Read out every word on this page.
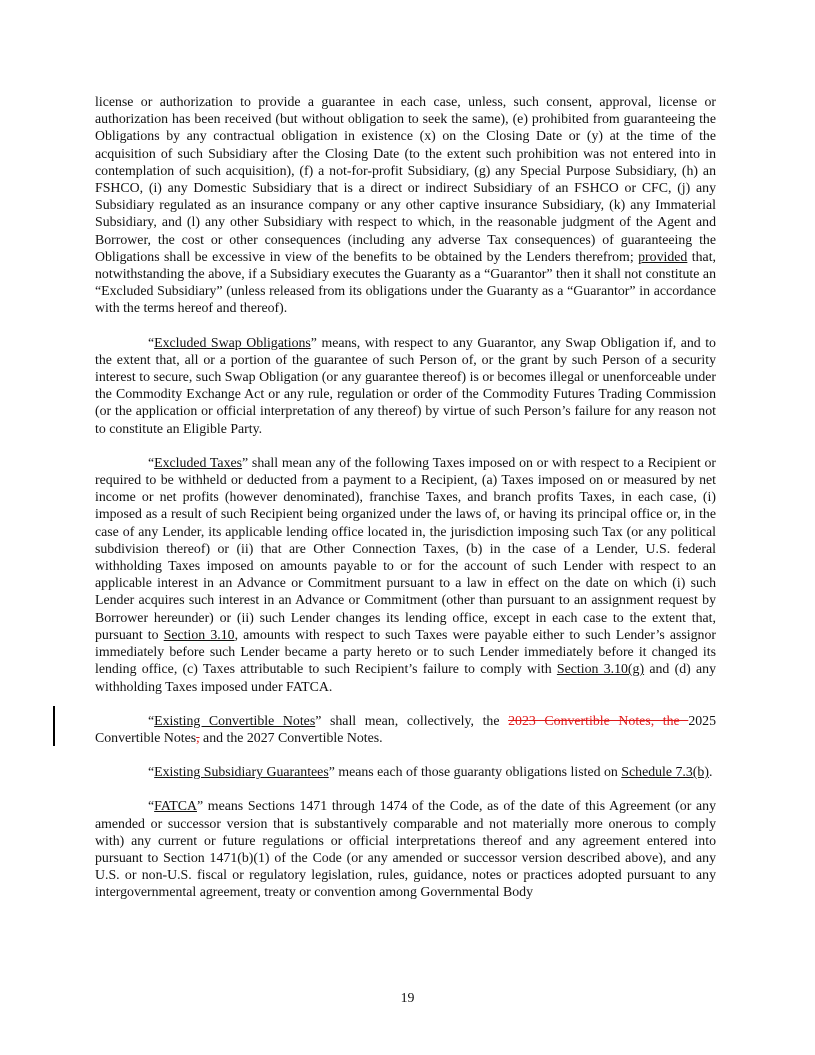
license or authorization to provide a guarantee in each case, unless, such consent, approval, license or authorization has been received (but without obligation to seek the same), (e) prohibited from guaranteeing the Obligations by any contractual obligation in existence (x) on the Closing Date or (y) at the time of the acquisition of such Subsidiary after the Closing Date (to the extent such prohibition was not entered into in contemplation of such acquisition), (f) a not-for-profit Subsidiary, (g) any Special Purpose Subsidiary, (h) an FSHCO, (i) any Domestic Subsidiary that is a direct or indirect Subsidiary of an FSHCO or CFC, (j) any Subsidiary regulated as an insurance company or any other captive insurance Subsidiary, (k) any Immaterial Subsidiary, and (l) any other Subsidiary with respect to which, in the reasonable judgment of the Agent and Borrower, the cost or other consequences (including any adverse Tax consequences) of guaranteeing the Obligations shall be excessive in view of the benefits to be obtained by the Lenders therefrom; provided that, notwithstanding the above, if a Subsidiary executes the Guaranty as a “Guarantor” then it shall not constitute an “Excluded Subsidiary” (unless released from its obligations under the Guaranty as a “Guarantor” in accordance with the terms hereof and thereof).

“Excluded Swap Obligations” means, with respect to any Guarantor, any Swap Obligation if, and to the extent that, all or a portion of the guarantee of such Person of, or the grant by such Person of a security interest to secure, such Swap Obligation (or any guarantee thereof) is or becomes illegal or unenforceable under the Commodity Exchange Act or any rule, regulation or order of the Commodity Futures Trading Commission (or the application or official interpretation of any thereof) by virtue of such Person’s failure for any reason not to constitute an Eligible Party.

“Excluded Taxes” shall mean any of the following Taxes imposed on or with respect to a Recipient or required to be withheld or deducted from a payment to a Recipient, (a) Taxes imposed on or measured by net income or net profits (however denominated), franchise Taxes, and branch profits Taxes, in each case, (i) imposed as a result of such Recipient being organized under the laws of, or having its principal office or, in the case of any Lender, its applicable lending office located in, the jurisdiction imposing such Tax (or any political subdivision thereof) or (ii) that are Other Connection Taxes, (b) in the case of a Lender, U.S. federal withholding Taxes imposed on amounts payable to or for the account of such Lender with respect to an applicable interest in an Advance or Commitment pursuant to a law in effect on the date on which (i) such Lender acquires such interest in an Advance or Commitment (other than pursuant to an assignment request by Borrower hereunder) or (ii) such Lender changes its lending office, except in each case to the extent that, pursuant to Section 3.10, amounts with respect to such Taxes were payable either to such Lender’s assignor immediately before such Lender became a party hereto or to such Lender immediately before it changed its lending office, (c) Taxes attributable to such Recipient’s failure to comply with Section 3.10(g) and (d) any withholding Taxes imposed under FATCA.

“Existing Convertible Notes” shall mean, collectively, the 2023 Convertible Notes, the 2025 Convertible Notes, and the 2027 Convertible Notes.

“Existing Subsidiary Guarantees” means each of those guaranty obligations listed on Schedule 7.3(b).

“FATCA” means Sections 1471 through 1474 of the Code, as of the date of this Agreement (or any amended or successor version that is substantively comparable and not materially more onerous to comply with) any current or future regulations or official interpretations thereof and any agreement entered into pursuant to Section 1471(b)(1) of the Code (or any amended or successor version described above), and any U.S. or non-U.S. fiscal or regulatory legislation, rules, guidance, notes or practices adopted pursuant to any intergovernmental agreement, treaty or convention among Governmental Body

19
